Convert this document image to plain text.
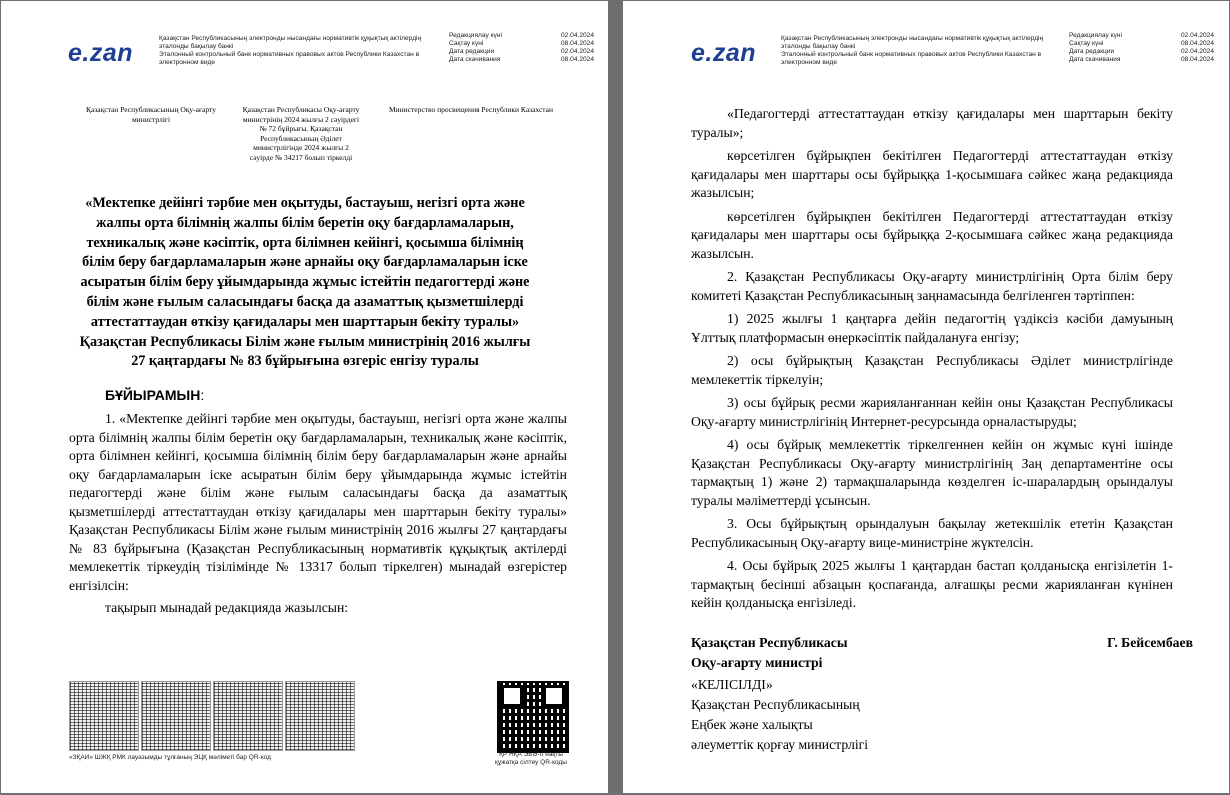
e.zan
Қазақстан Республикасының электронды нысандағы нормативтік құқықтық актілердің эталонды бақылау банкі
Эталонный контрольный банк нормативных правовых актов Республики Казахстан в электронном виде
Редакциялау күні	02.04.2024
Сақтау күні	08.04.2024
Дата редакции	02.04.2024
Дата скачивания	08.04.2024
Қазақстан Республикасының Оқу-ағарту министрлігі
Қазақстан Республикасы Оқу-ағарту министрінің 2024 жылғы 2 сәуірдегі № 72 бұйрығы. Қазақстан Республикасының Әділет министрлігінде 2024 жылғы 2 сәуірде № 34217 болып тіркелді
Министерство просвещения Республики Казахстан
«Мектепке дейінгі тәрбие мен оқытуды, бастауыш, негізгі орта және жалпы орта білімнің жалпы білім беретін оқу бағдарламаларын, техникалық және кәсіптік, орта білімнен кейінгі, қосымша білімнің білім беру бағдарламаларын және арнайы оқу бағдарламаларын іске асыратын білім беру ұйымдарында жұмыс істейтін педагогтерді және білім және ғылым саласындағы басқа да азаматтық қызметшілерді аттестаттаудан өткізу қағидалары мен шарттарын бекіту туралы» Қазақстан Республикасы Білім және ғылым министрінің 2016 жылғы 27 қаңтардағы № 83 бұйрығына өзгеріс енгізу туралы
БҰЙЫРАМЫН:

1. «Мектепке дейінгі тәрбие мен оқытуды, бастауыш, негізгі орта және жалпы орта білімнің жалпы білім беретін оқу бағдарламаларын, техникалық және кәсіптік, орта білімнен кейінгі, қосымша білімнің білім беру бағдарламаларын және арнайы оқу бағдарламаларын іске асыратын білім беру ұйымдарында жұмыс істейтін педагогтерді және білім және ғылым саласындағы басқа да азаматтық қызметшілерді аттестаттаудан өткізу қағидалары мен шарттарын бекіту туралы» Қазақстан Республикасы Білім және ғылым министрінің 2016 жылғы 27 қаңтардағы № 83 бұйрығына (Қазақстан Республикасының нормативтік құқықтық актілерді мемлекеттік тіркеудің тізілімінде № 13317 болып тіркелген) мынадай өзгерістер енгізілсін:

тақырып мынадай редакцияда жазылсын:

«ЗҚАИ» ШЖҚ РМК лауазымды тұлғаның ЭЦҚ мәліметі бар QR-код	ҚР НҚА ЭБӘ-гі нақты құжатқа сілтеу QR-коды
e.zan
Қазақстан Республикасының электронды нысандағы нормативтік құқықтық актілердің эталонды бақылау банкі
Эталонный контрольный банк нормативных правовых актов Республики Казахстан в электронном виде
Редакциялау күні	02.04.2024
Сақтау күні	08.04.2024
Дата редакции	02.04.2024
Дата скачивания	08.04.2024

«Педагогтерді аттестаттаудан өткізу қағидалары мен шарттарын бекіту туралы»;

көрсетілген бұйрықпен бекітілген Педагогтерді аттестаттаудан өткізу қағидалары мен шарттары осы бұйрыққа 1-қосымшаға сәйкес жаңа редакцияда жазылсын;

көрсетілген бұйрықпен бекітілген Педагогтерді аттестаттаудан өткізу қағидалары мен шарттары осы бұйрыққа 2-қосымшаға сәйкес жаңа редакцияда жазылсын.

2. Қазақстан Республикасы Оқу-ағарту министрлігінің Орта білім беру комитеті Қазақстан Республикасының заңнамасында белгіленген тәртіппен:

1) 2025 жылғы 1 қаңтарға дейін педагогтің үздіксіз кәсіби дамуының Ұлттық платформасын өнеркәсіптік пайдалануға енгізу;

2) осы бұйрықтың Қазақстан Республикасы Әділет министрлігінде мемлекеттік тіркелуін;

3) осы бұйрық ресми жарияланғаннан кейін оны Қазақстан Республикасы Оқу-ағарту министрлігінің Интернет-ресурсында орналастыруды;

4) осы бұйрық мемлекеттік тіркелгеннен кейін он жұмыс күні ішінде Қазақстан Республикасы Оқу-ағарту министрлігінің Заң департаментіне осы тармақтың 1) және 2) тармақшаларында көзделген іс-шаралардың орындалуы туралы мәліметтерді ұсынсын.

3. Осы бұйрықтың орындалуын бақылау жетекшілік ететін Қазақстан Республикасының Оқу-ағарту вице-министріне жүктелсін.

4. Осы бұйрық 2025 жылғы 1 қаңтардан бастап қолданысқа енгізілетін 1-тармақтың бесінші абзацын қоспағанда, алғашқы ресми жарияланған күнінен кейін қолданысқа енгізіледі.

Қазақстан Республикасы
Оқу-ағарту министрі
Г. Бейсембаев
«КЕЛІСІЛДІ»
Қазақстан Республикасының
Еңбек және халықты
әлеуметтік қорғау министрлігі
